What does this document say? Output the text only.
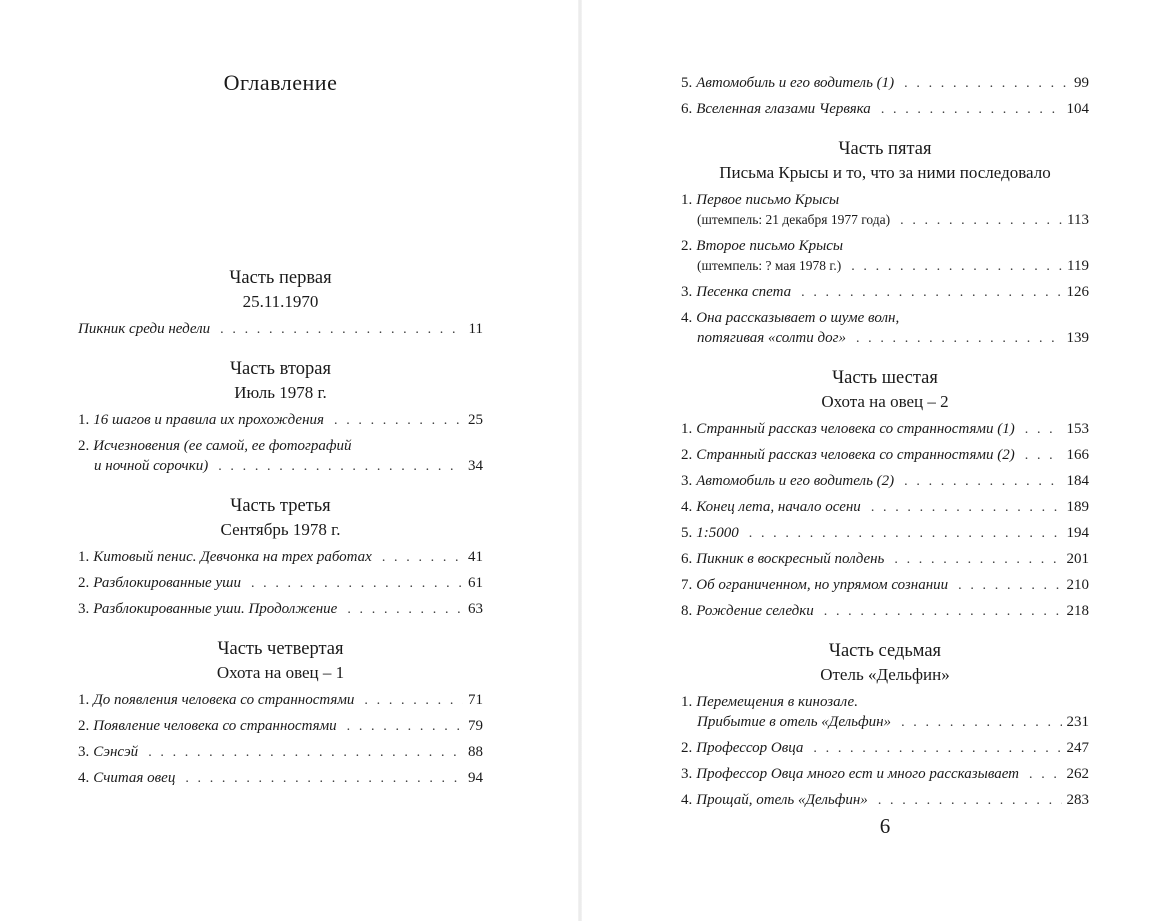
Оглавление
Часть первая
25.11.1970
Пикник среди недели . . .	11
Часть вторая
Июль 1978 г.
1. 16 шагов и правила их прохождения . . .	25
2. Исчезновения (ее самой, ее фотографий
и ночной сорочки) . . .	34
Часть третья
Сентябрь 1978 г.
1. Китовый пенис. Девчонка на трех работах . . .	41
2. Разблокированные уши . . .	61
3. Разблокированные уши. Продолжение . . .	63
Часть четвертая
Охота на овец – 1
1. До появления человека со странностями . . .	71
2. Появление человека со странностями . . .	79
3. Сэнсэй . . .	88
4. Считая овец . . .	94
5. Автомобиль и его водитель (1) . . .	99
6. Вселенная глазами Червяка . . .	104
Часть пятая
Письма Крысы и то, что за ними последовало
1. Первое письмо Крысы
(штемпель: 21 декабря 1977 года) . . .	113
2. Второе письмо Крысы
(штемпель: ? мая 1978 г.) . . .	119
3. Песенка спета . . .	126
4. Она рассказывает о шуме волн,
потягивая «солти дог» . . .	139
Часть шестая
Охота на овец – 2
1. Странный рассказ человека со странностями (1) . . .	153
2. Странный рассказ человека со странностями (2) . . .	166
3. Автомобиль и его водитель (2) . . .	184
4. Конец лета, начало осени . . .	189
5. 1:5000 . . .	194
6. Пикник в воскресный полдень . . .	201
7. Об ограниченном, но упрямом сознании . . .	210
8. Рождение селедки . . .	218
Часть седьмая
Отель «Дельфин»
1. Перемещения в кинозале.
Прибытие в отель «Дельфин» . . .	231
2. Профессор Овца . . .	247
3. Профессор Овца много ест и много рассказывает . . .	262
4. Прощай, отель «Дельфин» . . .	283
6
